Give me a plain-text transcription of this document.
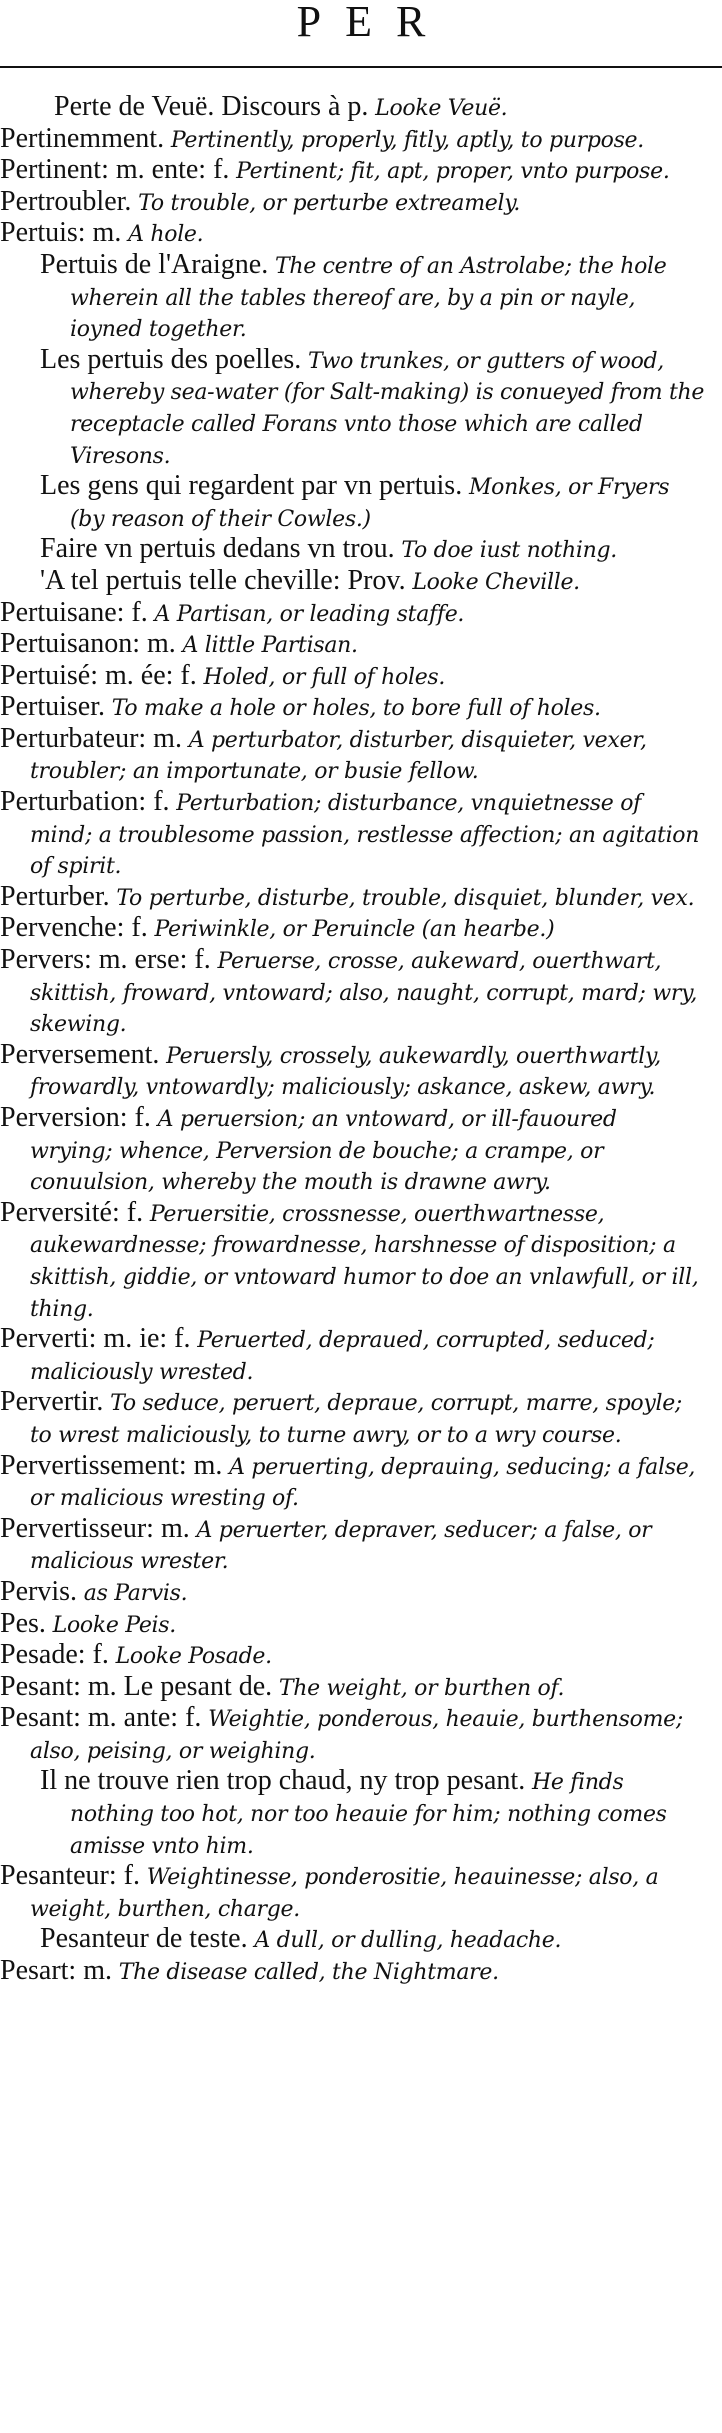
PER
Perte de Veuë. Discours à p. Looke Veuë.
Pertinemment. Pertinently, properly, fitly, aptly, to purpose.
Pertinent: m. ente: f. Pertinent; fit, apt, proper, vnto purpose.
Pertroubler. To trouble, or perturbe extreamely.
Pertuis: m. A hole.
Pertuis de l'Araigne. The centre of an Astrolabe; the hole wherein all the tables thereof are, by a pin or nayle, ioyned together.
Les pertuis des poelles. Two trunkes, or gutters of wood, whereby sea-water (for Salt-making) is conueyed from the receptacle called Forans vnto those which are called Viresons.
Les gens qui regardent par vn pertuis. Monkes, or Fryers (by reason of their Cowles.)
Faire vn pertuis dedans vn trou. To doe iust nothing.
'A tel pertuis telle cheville: Prov. Looke Cheville.
Pertuisane: f. A Partisan, or leading staffe.
Pertuisanon: m. A little Partisan.
Pertuisé: m. ée: f. Holed, or full of holes.
Pertuiser. To make a hole or holes, to bore full of holes.
Perturbateur: m. A perturbator, disturber, disquieter, vexer, troubler; an importunate, or busie fellow.
Perturbation: f. Perturbation; disturbance, vnquietnesse of mind; a troublesome passion, restlesse affection; an agitation of spirit.
Perturber. To perturbe, disturbe, trouble, disquiet, blunder, vex.
Pervenche: f. Periwinkle, or Peruincle (an hearbe.)
Pervers: m. erse: f. Peruerse, crosse, aukeward, ouerthwart, skittish, froward, vntoward; also, naught, corrupt, mard; wry, skewing.
Perversement. Peruersly, crossely, aukewardly, ouerthwartly, frowardly, vntowardly; maliciously; askance, askew, awry.
Perversion: f. A peruersion; an vntoward, or ill-fauoured wrying; whence, Perversion de bouche; a crampe, or conuulsion, whereby the mouth is drawne awry.
Perversité: f. Peruersitie, crossnesse, ouerthwartnesse, aukewardnesse; frowardnesse, harshnesse of disposition; a skittish, giddie, or vntoward humor to doe an vnlawfull, or ill, thing.
Perverti: m. ie: f. Peruerted, depraued, corrupted, seduced; maliciously wrested.
Pervertir. To seduce, peruert, depraue, corrupt, marre, spoyle; to wrest maliciously, to turne awry, or to a wry course.
Pervertissement: m. A peruerting, deprauing, seducing; a false, or malicious wresting of.
Pervertisseur: m. A peruerter, depraver, seducer; a false, or malicious wrester.
Pervis. as Parvis.
Pes. Looke Peis.
Pesade: f. Looke Posade.
Pesant: m. Le pesant de. The weight, or burthen of.
Pesant: m. ante: f. Weightie, ponderous, heauie, burthensome; also, peising, or weighing.
Il ne trouve rien trop chaud, ny trop pesant. He finds nothing too hot, nor too heauie for him; nothing comes amisse vnto him.
Pesanteur: f. Weightinesse, ponderositie, heauinesse; also, a weight, burthen, charge.
Pesanteur de teste. A dull, or dulling, headache.
Pesart: m. The disease called, the Nightmare.
